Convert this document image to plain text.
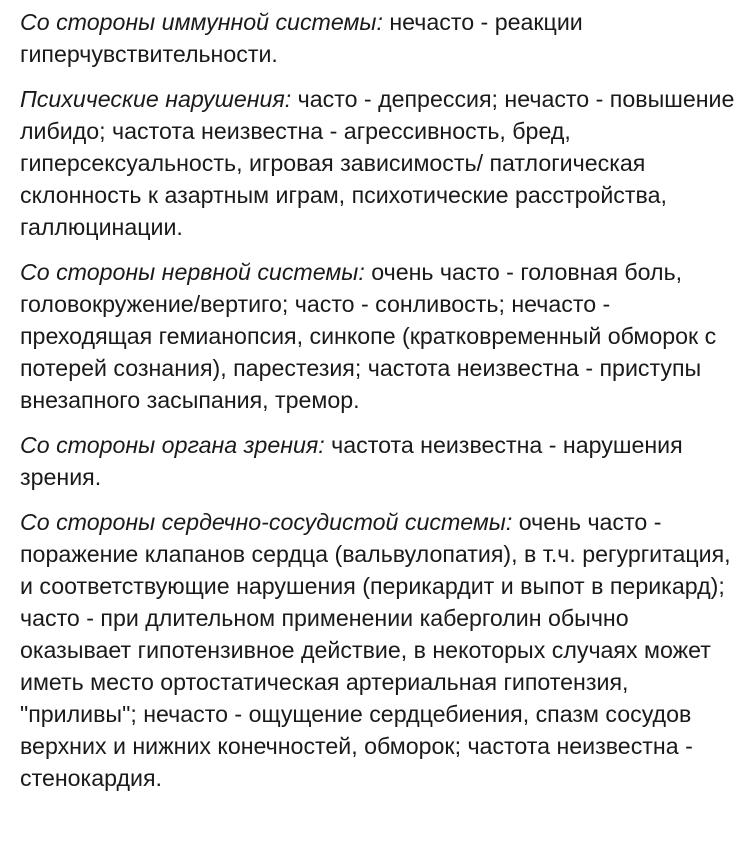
Со стороны иммунной системы: нечасто - реакции гиперчувствительности.

Психические нарушения: часто - депрессия; нечасто - повышение либидо; частота неизвестна - агрессивность, бред, гиперсексуальность, игровая зависимость/ патлогическая склонность к азартным играм, психотические расстройства, галлюцинации.

Со стороны нервной системы: очень часто - головная боль, головокружение/вертиго; часто - сонливость; нечасто - преходящая гемианопсия, синкопе (кратковременный обморок с потерей сознания), парестезия; частота неизвестна - приступы внезапного засыпания, тремор.

Со стороны органа зрения: частота неизвестна - нарушения зрения.

Со стороны сердечно-сосудистой системы: очень часто - поражение клапанов сердца (вальвулопатия), в т.ч. регургитация, и соответствующие нарушения (перикардит и выпот в перикард); часто - при длительном применении каберголин обычно оказывает гипотензивное действие, в некоторых случаях может иметь место ортостатическая артериальная гипотензия, "приливы"; нечасто - ощущение сердцебиения, спазм сосудов верхних и нижних конечностей, обморок; частота неизвестна - стенокардия.
